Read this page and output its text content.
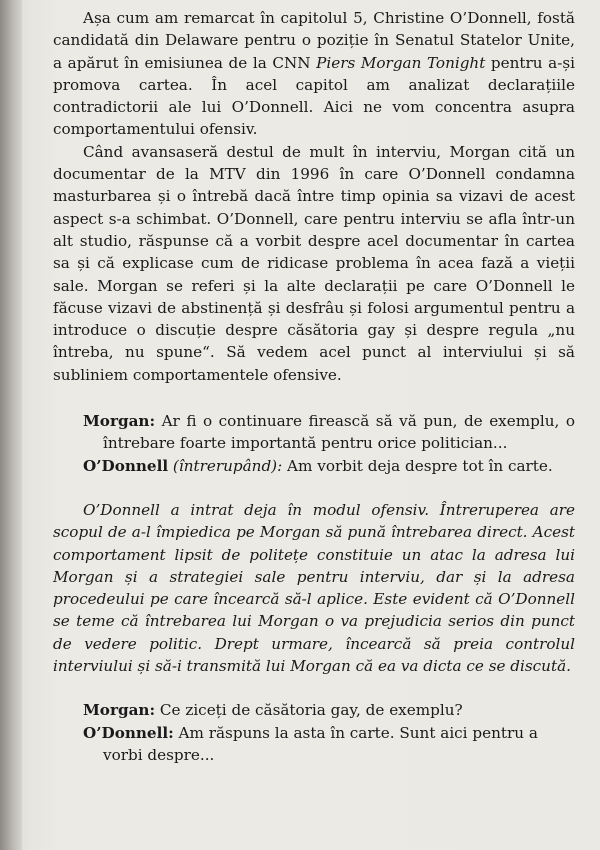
Așa cum am remarcat în capitolul 5, Christine O’Donnell, fostă candidată din Delaware pentru o poziție în Senatul Statelor Unite, a apărut în emisiunea de la CNN Piers Morgan Tonight pentru a-și promova cartea. În acel capitol am analizat declarațiile contradictorii ale lui O’Donnell. Aici ne vom concentra asupra comportamentului ofensiv.

Când avansaseră destul de mult în interviu, Morgan cită un documentar de la MTV din 1996 în care O’Donnell condamna masturbarea și o întrebă dacă între timp opinia sa vizavi de acest aspect s-a schimbat. O’Donnell, care pentru interviu se afla într-un alt studio, răspunse că a vorbit despre acel documentar în cartea sa și că explicase cum de ridicase problema în acea fază a vieții sale. Morgan se referi și la alte declarații pe care O’Donnell le făcuse vizavi de abstinență și desfrâu și folosi argumentul pentru a introduce o discuție despre căsătoria gay și despre regula „nu întreba, nu spune“. Să vedem acel punct al interviului și să subliniem comportamentele ofensive.

Morgan: Ar fi o continuare firească să vă pun, de exemplu, o întrebare foarte importantă pentru orice politician...

O’Donnell (întrerupând): Am vorbit deja despre tot în carte.

O’Donnell a intrat deja în modul ofensiv. Întreruperea are scopul de a-l împiedica pe Morgan să pună întrebarea direct. Acest comportament lipsit de politețe constituie un atac la adresa lui Morgan și a strategiei sale pentru interviu, dar și la adresa procedeului pe care încearcă să-l aplice. Este evident că O’Donnell se teme că întrebarea lui Morgan o va prejudicia serios din punct de vedere politic. Drept urmare, încearcă să preia controlul interviului și să-i transmită lui Morgan că ea va dicta ce se discută.

Morgan: Ce ziceți de căsătoria gay, de exemplu?

O’Donnell: Am răspuns la asta în carte. Sunt aici pentru a vorbi despre...
